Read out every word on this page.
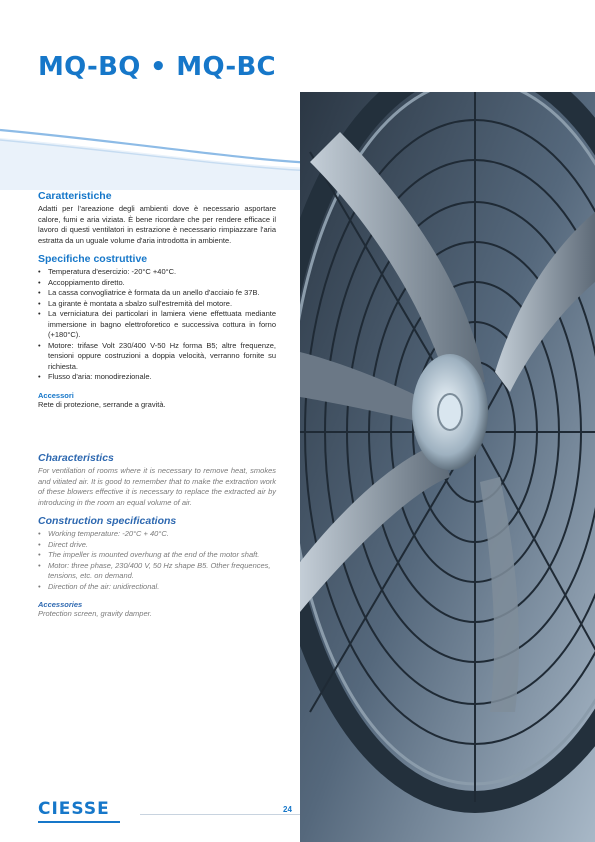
MQ-BQ • MQ-BC
Caratteristiche

Adatti per l'areazione degli ambienti dove è necessario asportare calore, fumi e aria viziata. È bene ricordare che per rendere efficace il lavoro di questi ventilatori in estrazione è necessario rimpiazzare l'aria estratta da un uguale volume d'aria introdotta in ambiente.

Specifiche costruttive
• Temperatura d'esercizio: -20°C +40°C.
• Accoppiamento diretto.
• La cassa convogliatrice è formata da un anello d'acciaio fe 37B.
• La girante è montata a sbalzo sull'estremità del motore.
• La verniciatura dei particolari in lamiera viene effettuata mediante immersione in bagno elettroforetico e successiva cottura in forno (+180°C).
• Motore: trifase Volt 230/400 V-50 Hz forma B5; altre frequenze, tensioni oppure costruzioni a doppia velocità, verranno fornite su richiesta.
• Flusso d'aria: monodirezionale.
Accessori

Rete di protezione, serrande a gravità.

Characteristics

For ventilation of rooms where it is necessary to remove heat, smokes and vitiated air. It is good to remember that to make the extraction work of these blowers effective it is necessary to replace the extracted air by introducing in the room an equal volume of air.

Construction specifications
• Working temperature: -20°C + 40°C.
• Direct drive.
• The impeller is mounted overhung at the end of the motor shaft.
• Motor: three phase, 230/400 V, 50 Hz shape B5. Other frequences, tensions, etc. on demand.
• Direction of the air: unidirectional.
Accessories

Protection screen, gravity damper.

CIESSE	24
